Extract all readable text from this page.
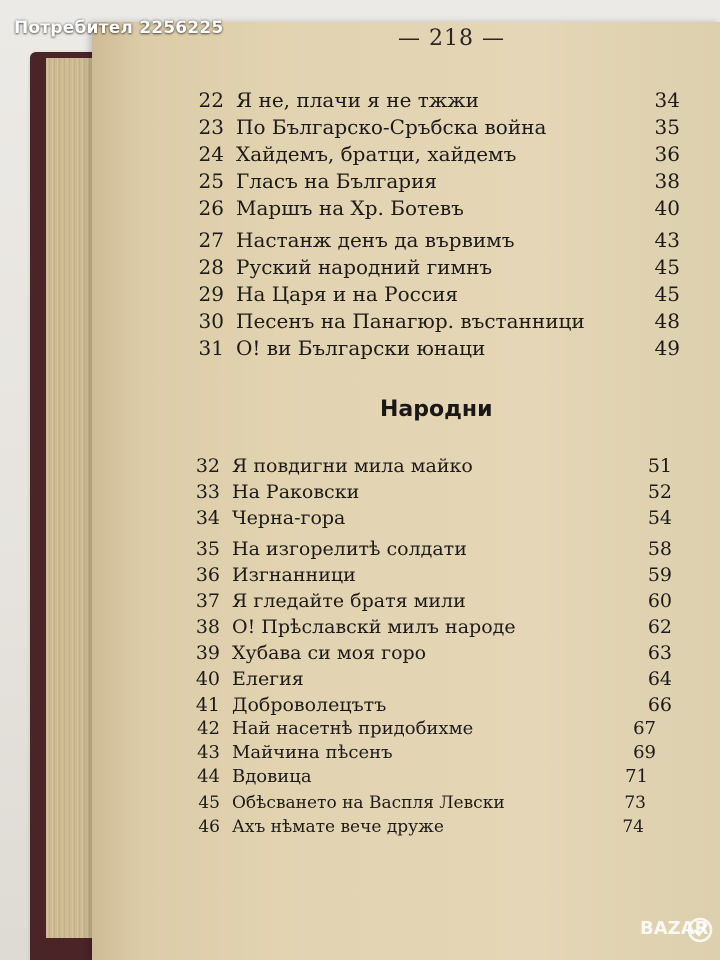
Потребител 2256225	— 218 —
Народни
22 Я не, плачи я не тжжи	34
23 По Българско-Сръбска война	35
24 Хайдемъ, братци, хайдемъ	36
25 Гласъ на България	38
26 Маршъ на Хр. Ботевъ	40
27 Настанж денъ да вървимъ	43
28 Руский народний гимнъ	45
29 На Царя и на Россия	45
30 Песенъ на Панагюр. въстанници	48
31 О! ви Български юнаци	49
32 Я повдигни мила майко	51
33 На Раковски	52
34 Черна-гора	54
35 На изгорелитѣ солдати	58
36 Изгнанници	59
37 Я гледайте братя мили	60
38 О! Прѣславскй милъ народе	62
39 Хубава си моя горо	63
40 Елегия	64
41 Добровoлецътъ	66
42 Най насетнѣ придобихме	67
43 Майчина пѣсенъ	69
44 Вдовица	71
45 Обѣсването на Васпля Левски	73
46 Ахъ нѣмате вече друже	74
BAZAR
